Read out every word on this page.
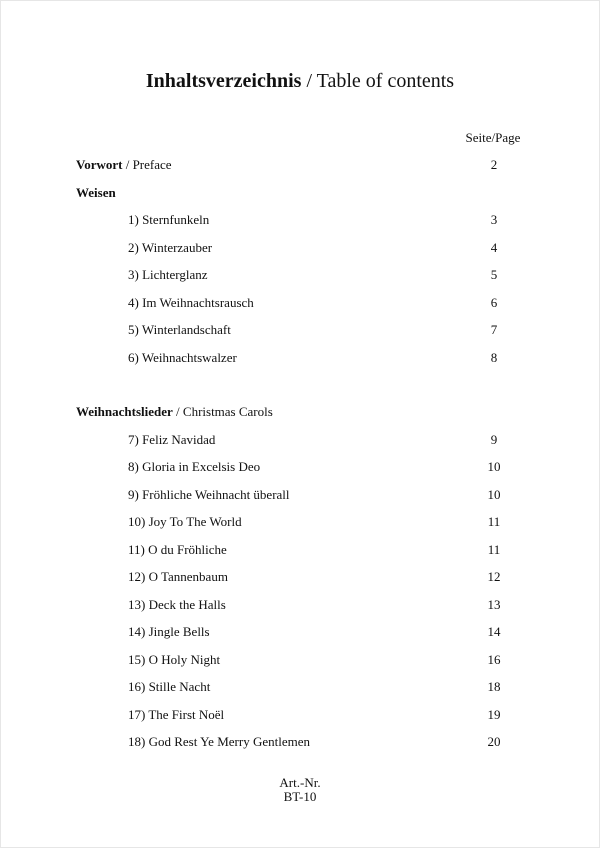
Inhaltsverzeichnis / Table of contents
Seite/Page
Vorwort / Preface	2
Weisen
1) Sternfunkeln	3
2) Winterzauber	4
3) Lichterglanz	5
4) Im Weihnachtsrausch	6
5) Winterlandschaft	7
6) Weihnachtswalzer	8
Weihnachtslieder / Christmas Carols
7) Feliz Navidad	9
8) Gloria in Excelsis Deo	10
9) Fröhliche Weihnacht überall	10
10) Joy To The World	11
11) O du Fröhliche	11
12) O Tannenbaum	12
13) Deck the Halls	13
14) Jingle Bells	14
15) O Holy Night	16
16) Stille Nacht	18
17) The First Noël	19
18) God Rest Ye Merry Gentlemen	20
Art.-Nr.
BT-10
